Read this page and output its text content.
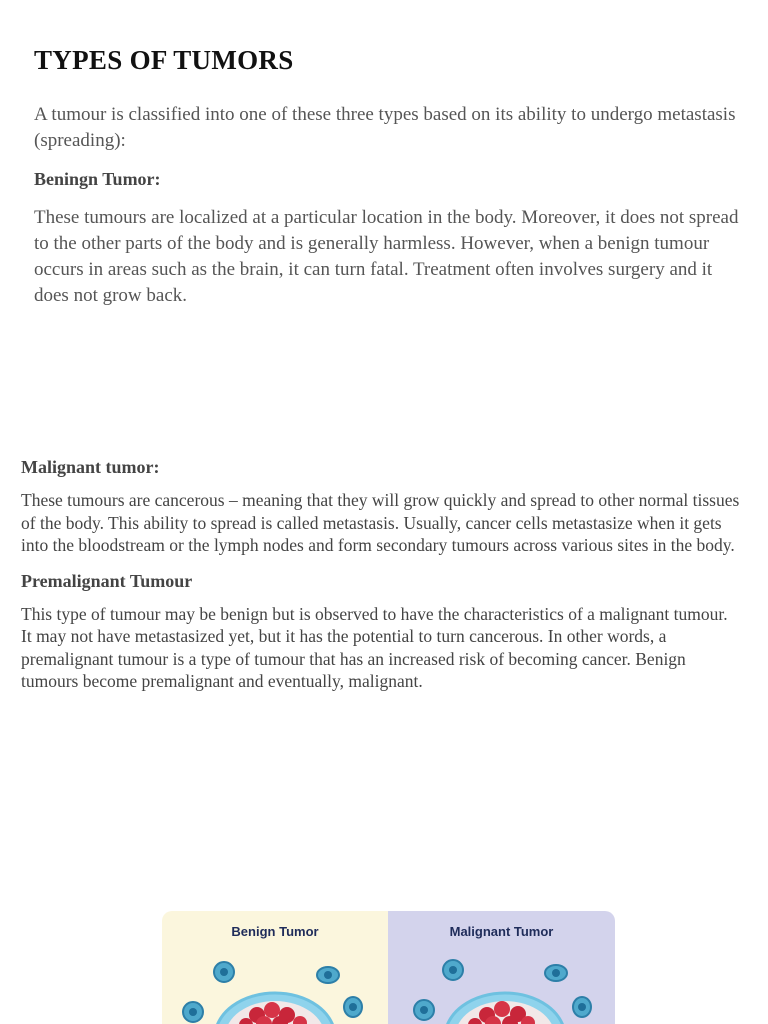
TYPES OF TUMORS

A tumour is classified into one of these three types based on its ability to undergo metastasis (spreading):

Beningn Tumor:

These tumours are localized at a particular location in the body. Moreover, it does not spread to the other parts of the body and is generally harmless. However, when a benign tumour occurs in areas such as the brain, it can turn fatal. Treatment often involves surgery and it does not grow back.

Malignant tumor:

These tumours are cancerous – meaning that they will grow quickly and spread to other normal tissues of the body. This ability to spread is called metastasis. Usually, cancer cells metastasize when it gets into the bloodstream or the lymph nodes and form secondary tumours across various sites in the body.

Premalignant Tumour

This type of tumour may be benign but is observed to have the characteristics of a malignant tumour. It may not have metastasized yet, but it has the potential to turn cancerous. In other words, a premalignant tumour is a type of tumour that has an increased risk of becoming cancer. Benign tumours become premalignant and eventually, malignant.

Benign Tumor	Malignant Tumor
